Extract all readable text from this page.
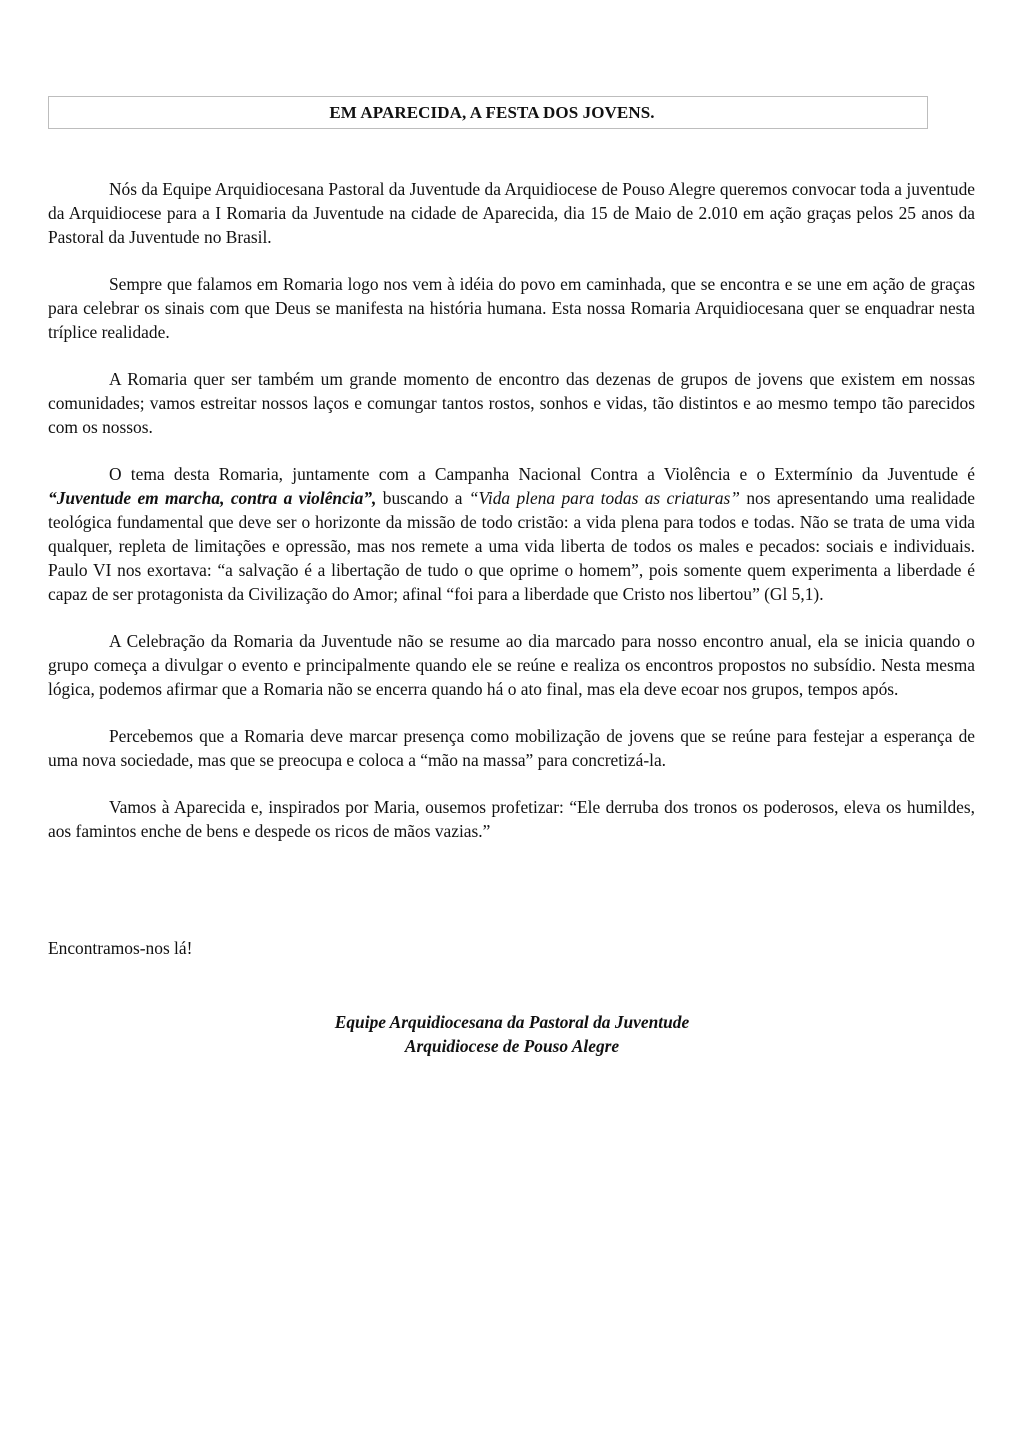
EM APARECIDA, A FESTA DOS JOVENS.

Nós da Equipe Arquidiocesana Pastoral da Juventude da Arquidiocese de Pouso Alegre queremos convocar toda a juventude da Arquidiocese para a I Romaria da Juventude na cidade de Aparecida, dia 15 de Maio de 2.010 em ação graças pelos 25 anos da Pastoral da Juventude no Brasil.

Sempre que falamos em Romaria logo nos vem à idéia do povo em caminhada, que se encontra e se une em ação de graças para celebrar os sinais com que Deus se manifesta na história humana. Esta nossa Romaria Arquidiocesana quer se enquadrar nesta tríplice realidade.

A Romaria quer ser também um grande momento de encontro das dezenas de grupos de jovens que existem em nossas comunidades; vamos estreitar nossos laços e comungar tantos rostos, sonhos e vidas, tão distintos e ao mesmo tempo tão parecidos com os nossos.

O tema desta Romaria, juntamente com a Campanha Nacional Contra a Violência e o Extermínio da Juventude é “Juventude em marcha, contra a violência”, buscando a “Vida plena para todas as criaturas” nos apresentando uma realidade teológica fundamental que deve ser o horizonte da missão de todo cristão: a vida plena para todos e todas. Não se trata de uma vida qualquer, repleta de limitações e opressão, mas nos remete a uma vida liberta de todos os males e pecados: sociais e individuais. Paulo VI nos exortava: “a salvação é a libertação de tudo o que oprime o homem”, pois somente quem experimenta a liberdade é capaz de ser protagonista da Civilização do Amor; afinal “foi para a liberdade que Cristo nos libertou” (Gl 5,1).

A Celebração da Romaria da Juventude não se resume ao dia marcado para nosso encontro anual, ela se inicia quando o grupo começa a divulgar o evento e principalmente quando ele se reúne e realiza os encontros propostos no subsídio. Nesta mesma lógica, podemos afirmar que a Romaria não se encerra quando há o ato final, mas ela deve ecoar nos grupos, tempos após.

Percebemos que a Romaria deve marcar presença como mobilização de jovens que se reúne para festejar a esperança de uma nova sociedade, mas que se preocupa e coloca a “mão na massa” para concretizá-la.

Vamos à Aparecida e, inspirados por Maria, ousemos profetizar: “Ele derruba dos tronos os poderosos, eleva os humildes, aos famintos enche de bens e despede os ricos de mãos vazias.”

Encontramos-nos lá!

Equipe Arquidiocesana da Pastoral da Juventude
Arquidiocese de Pouso Alegre
